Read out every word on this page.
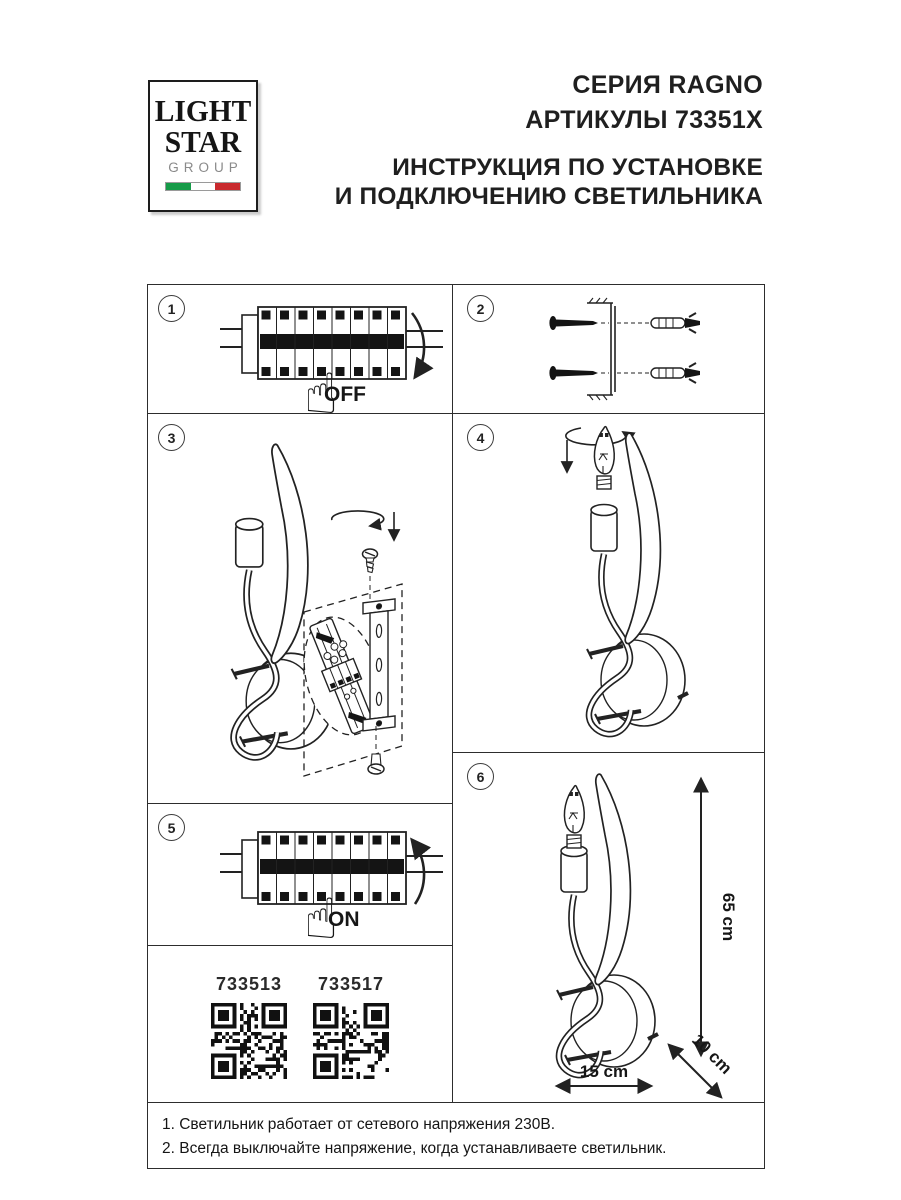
LIGHT
STAR
GROUP
СЕРИЯ RAGNO
АРТИКУЛЫ 73351X
ИНСТРУКЦИЯ ПО УСТАНОВКЕ
И ПОДКЛЮЧЕНИЮ СВЕТИЛЬНИКА
1
OFF
2
3	4
5
ON
733513 733517
6
65 cm
15 cm	10 cm
1. Светильник работает от сетевого напряжения 230В.
2. Всегда выключайте напряжение, когда устанавливаете светильник.
